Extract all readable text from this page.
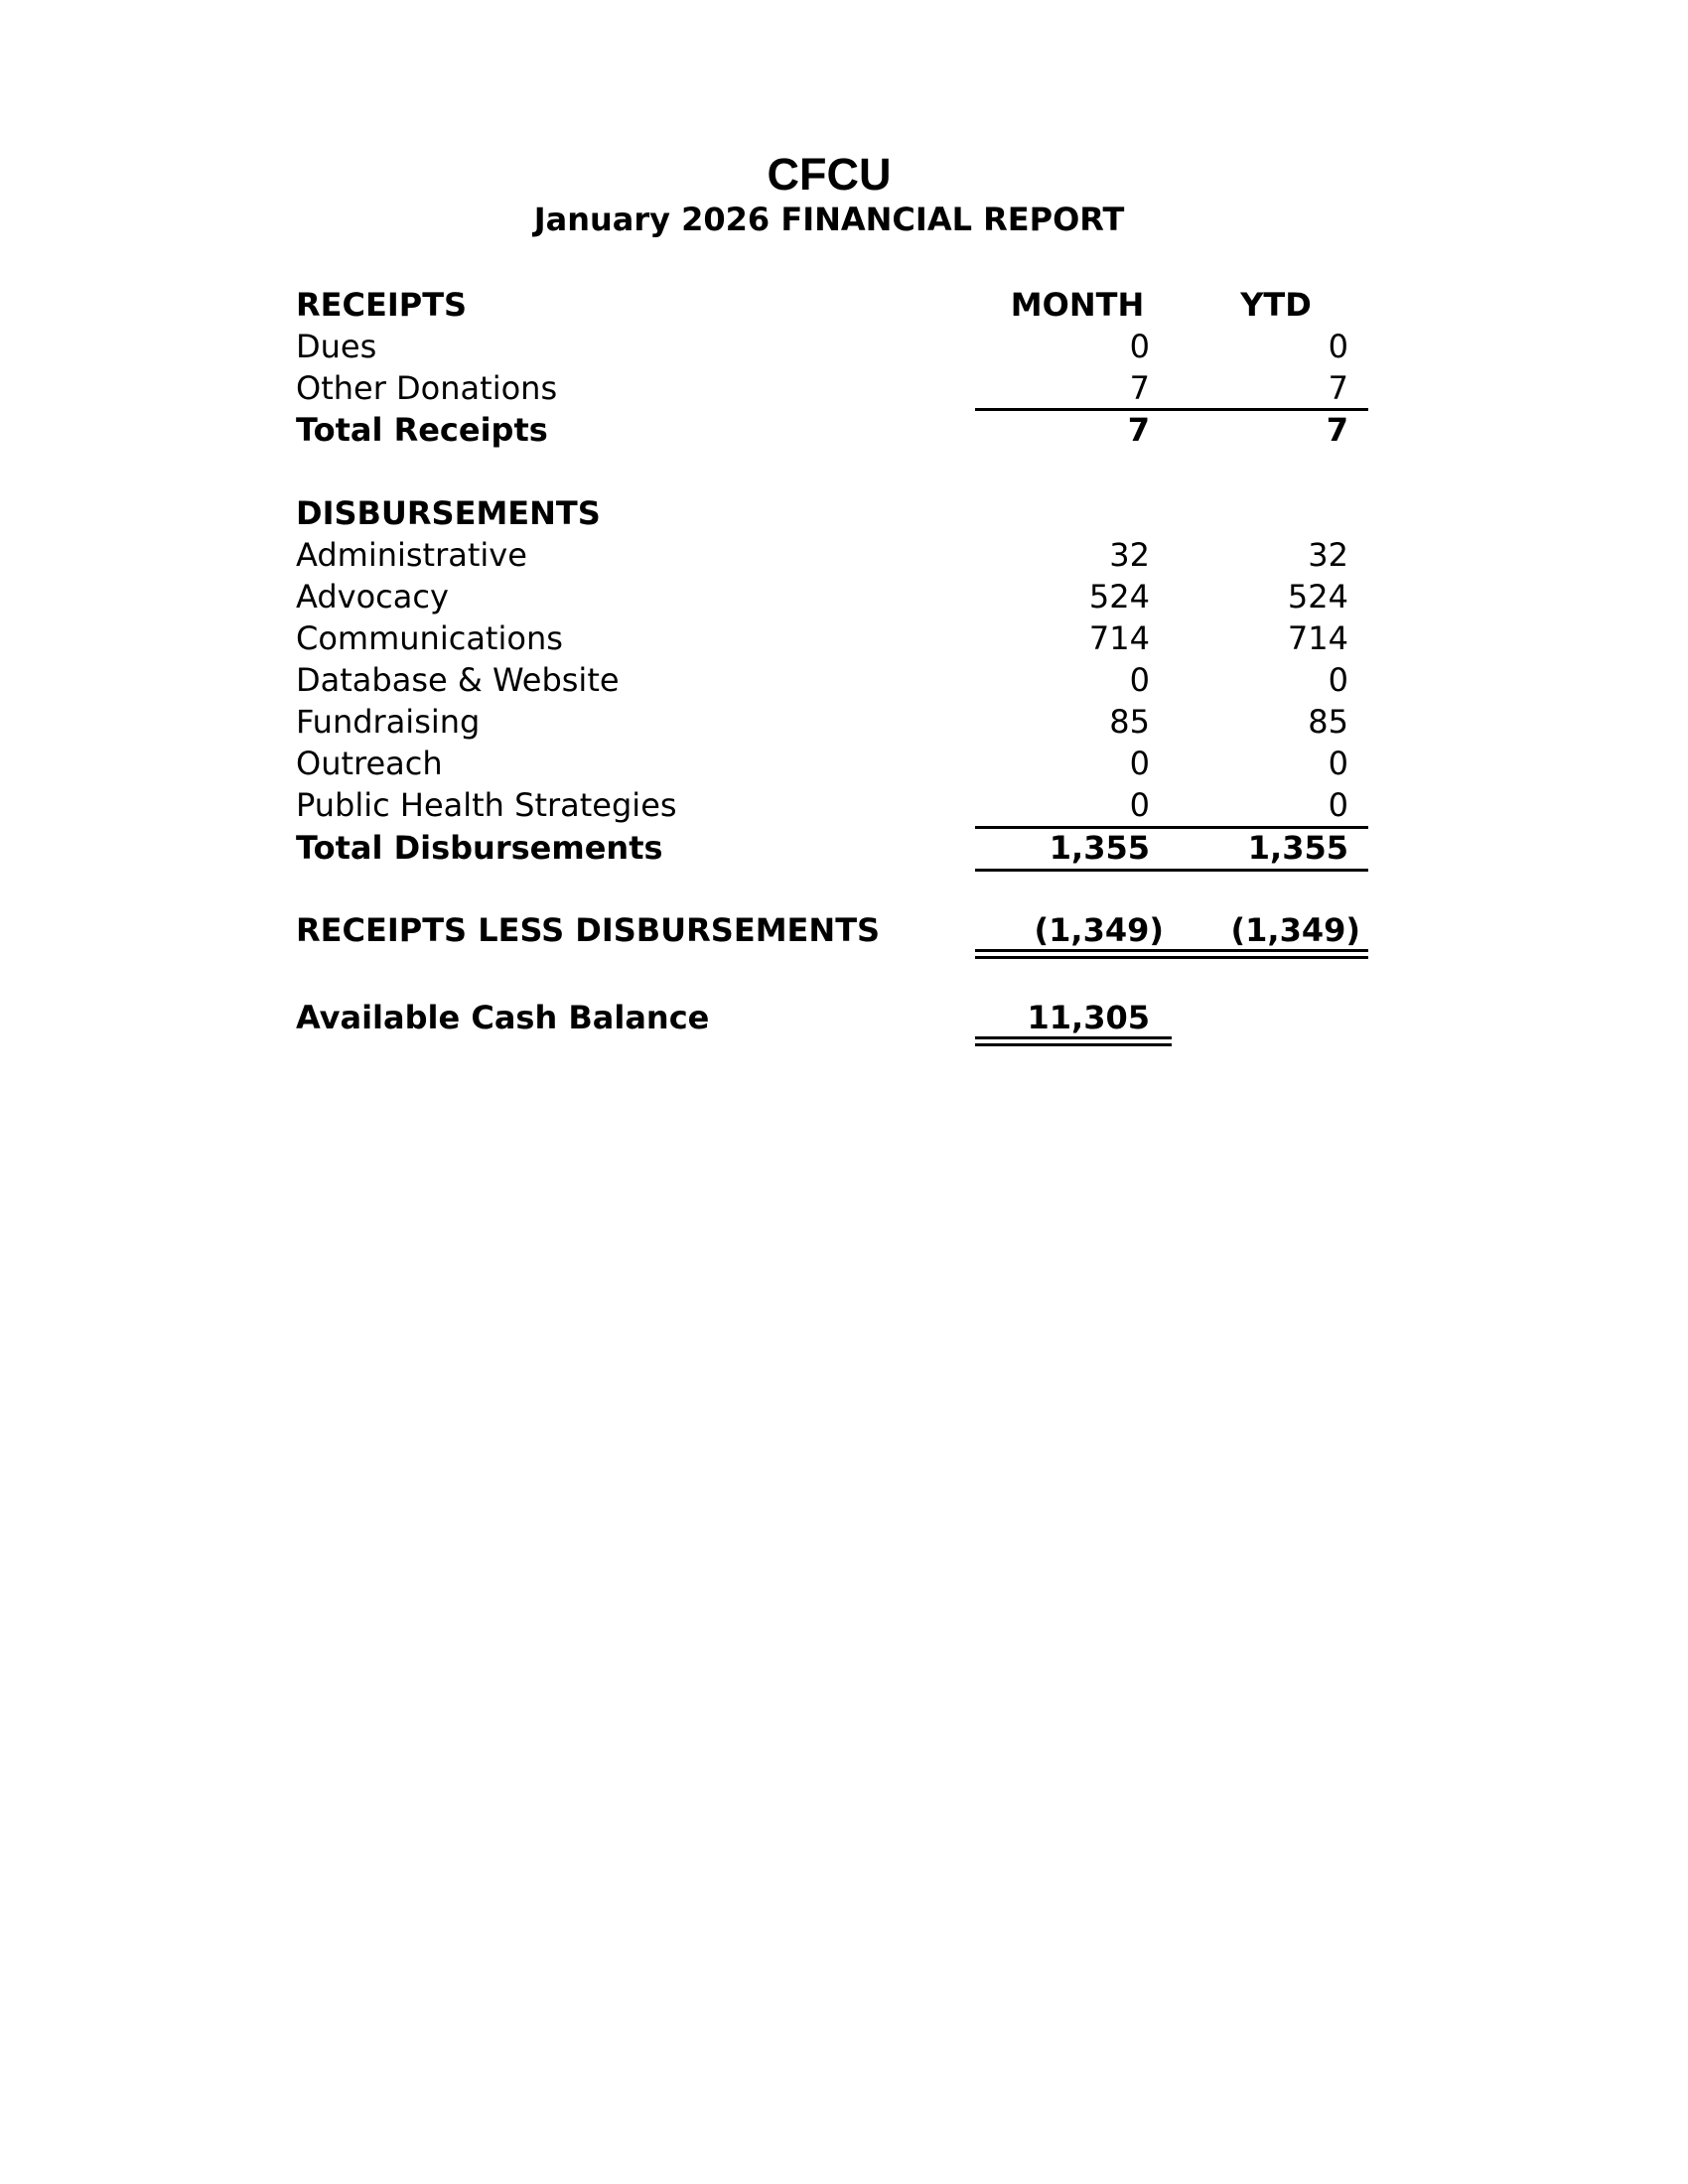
CFCU
January 2026 FINANCIAL REPORT
RECEIPTS	MONTH	YTD
Dues	0	0
Other Donations	7	7
Total Receipts	7	7
DISBURSEMENTS
Administrative	32	32
Advocacy	524	524
Communications	714	714
Database & Website	0	0
Fundraising	85	85
Outreach	0	0
Public Health Strategies	0	0
Total Disbursements	1,355	1,355
RECEIPTS LESS DISBURSEMENTS	(1,349) (1,349)
Available Cash Balance	11,305
